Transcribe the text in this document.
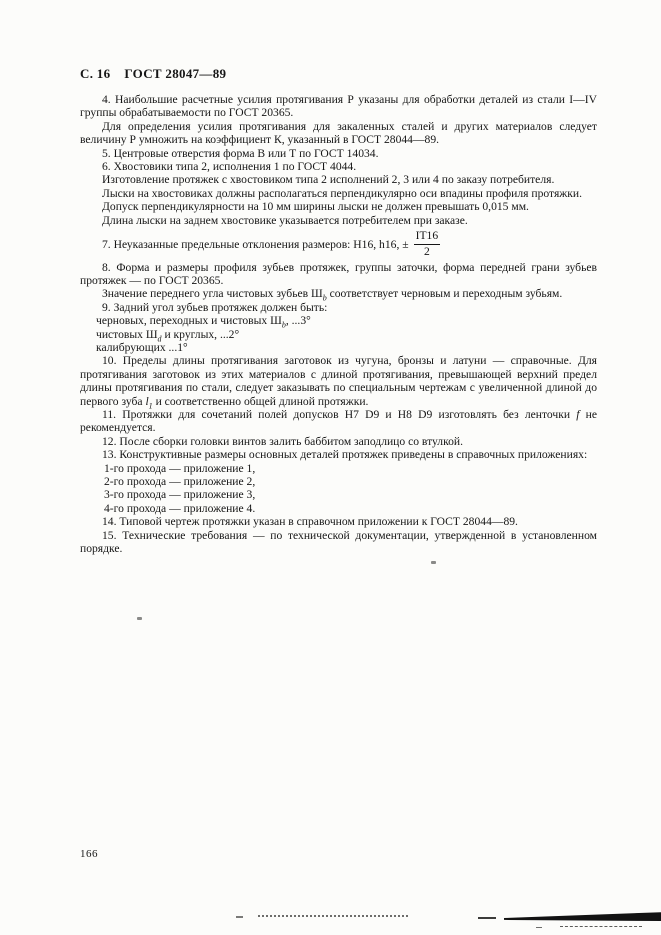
С. 16 ГОСТ 28047—89

4. Наибольшие расчетные усилия протягивания Р указаны для обработки деталей из стали I—IV группы обрабатываемости по ГОСТ 20365.

Для определения усилия протягивания для закаленных сталей и других материалов следует величину Р умножить на коэффициент К, указанный в ГОСТ 28044—89.

5. Центровые отверстия форма В или Т по ГОСТ 14034.

6. Хвостовики типа 2, исполнения 1 по ГОСТ 4044.

Изготовление протяжек с хвостовиком типа 2 исполнений 2, 3 или 4 по заказу потребителя.

Лыски на хвостовиках должны располагаться перпендикулярно оси впадины профиля протяжки.

Допуск перпендикулярности на 10 мм ширины лыски не должен превышать 0,015 мм.

Длина лыски на заднем хвостовике указывается потребителем при заказе.

7. Неуказанные предельные отклонения размеров: Н16, h16, ± $\frac{IT16}{2}$

8. Форма и размеры профиля зубьев протяжек, группы заточки, форма передней грани зубьев протяжек — по ГОСТ 20365.

Значение переднего угла чистовых зубьев $Ш_b$ соответствует черновым и переходным зубьям.

9. Задний угол зубьев протяжек должен быть:

черновых, переходных и чистовых $Ш_b$, ...3°

чистовых $Ш_d$ и круглых, ...2°

калибрующих ...1°

10. Пределы длины протягивания заготовок из чугуна, бронзы и латуни — справочные. Для протягивания заготовок из этих материалов с длиной протягивания, превышающей верхний предел длины протягивания по стали, следует заказывать по специальным чертежам с увеличенной длиной до первого зуба $l_1$ и соответственно общей длиной протяжки.

11. Протяжки для сочетаний полей допусков Н7 D9 и Н8 D9 изготовлять без ленточки f не рекомендуется.

12. После сборки головки винтов залить баббитом заподлицо со втулкой.

13. Конструктивные размеры основных деталей протяжек приведены в справочных приложениях:

1-го прохода — приложение 1,

2-го прохода — приложение 2,

3-го прохода — приложение 3,

4-го прохода — приложение 4.

14. Типовой чертеж протяжки указан в справочном приложении к ГОСТ 28044—89.

15. Технические требования — по технической документации, утвержденной в установленном порядке.

166
